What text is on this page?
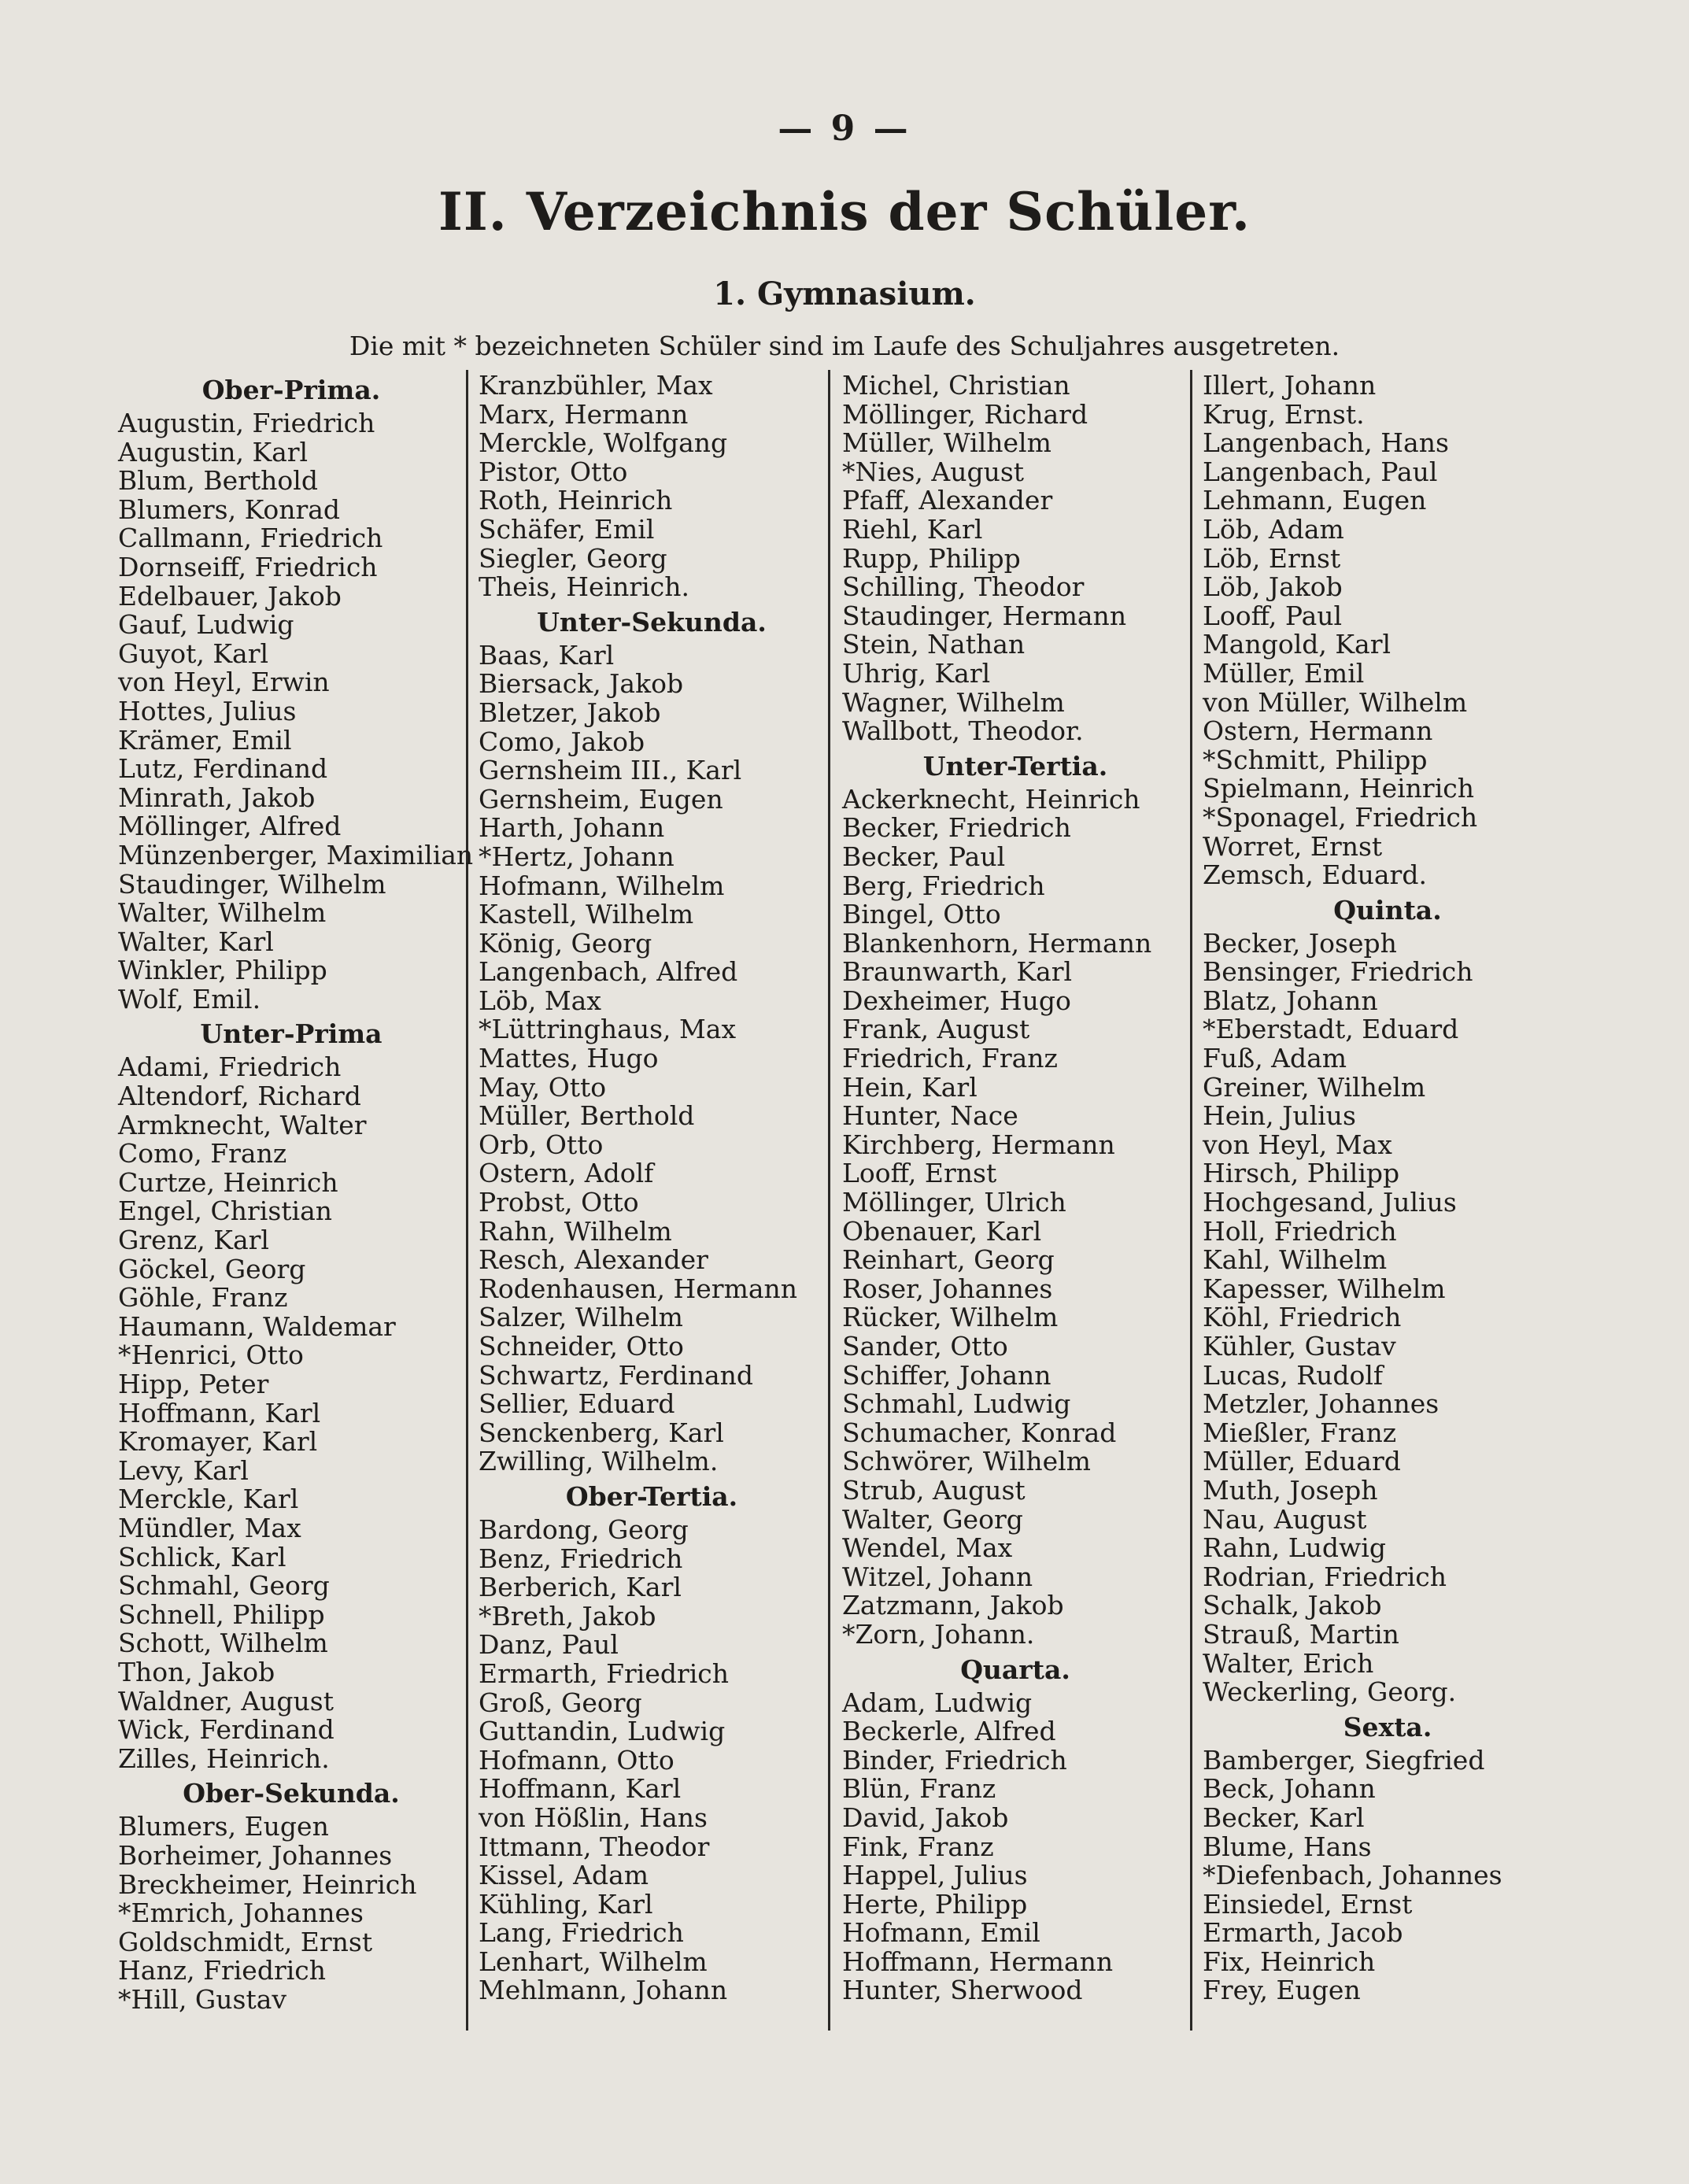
— 9 —
II. Verzeichnis der Schüler.
1. Gymnasium.
Die mit * bezeichneten Schüler sind im Laufe des Schuljahres ausgetreten.
Ober-Prima.
Augustin, Friedrich
Augustin, Karl
Blum, Berthold
Blumers, Konrad
Callmann, Friedrich
Dornseiff, Friedrich
Edelbauer, Jakob
Gauf, Ludwig
Guyot, Karl
von Heyl, Erwin
Hottes, Julius
Krämer, Emil
Lutz, Ferdinand
Minrath, Jakob
Möllinger, Alfred
Münzenberger, Maximilian
Staudinger, Wilhelm
Walter, Wilhelm
Walter, Karl
Winkler, Philipp
Wolf, Emil.
Unter-Prima
Adami, Friedrich
Altendorf, Richard
Armknecht, Walter
Como, Franz
Curtze, Heinrich
Engel, Christian
Grenz, Karl
Göckel, Georg
Göhle, Franz
Haumann, Waldemar
*Henrici, Otto
Hipp, Peter
Hoffmann, Karl
Kromayer, Karl
Levy, Karl
Merckle, Karl
Mündler, Max
Schlick, Karl
Schmahl, Georg
Schnell, Philipp
Schott, Wilhelm
Thon, Jakob
Waldner, August
Wick, Ferdinand
Zilles, Heinrich.
Ober-Sekunda.
Blumers, Eugen
Borheimer, Johannes
Breckheimer, Heinrich
*Emrich, Johannes
Goldschmidt, Ernst
Hanz, Friedrich
*Hill, Gustav
Kranzbühler, Max
Marx, Hermann
Merckle, Wolfgang
Pistor, Otto
Roth, Heinrich
Schäfer, Emil
Siegler, Georg
Theis, Heinrich.
Unter-Sekunda.
Baas, Karl
Biersack, Jakob
Bletzer, Jakob
Como, Jakob
Gernsheim III., Karl
Gernsheim, Eugen
Harth, Johann
*Hertz, Johann
Hofmann, Wilhelm
Kastell, Wilhelm
König, Georg
Langenbach, Alfred
Löb, Max
*Lüttringhaus, Max
Mattes, Hugo
May, Otto
Müller, Berthold
Orb, Otto
Ostern, Adolf
Probst, Otto
Rahn, Wilhelm
Resch, Alexander
Rodenhausen, Hermann
Salzer, Wilhelm
Schneider, Otto
Schwartz, Ferdinand
Sellier, Eduard
Senckenberg, Karl
Zwilling, Wilhelm.
Ober-Tertia.
Bardong, Georg
Benz, Friedrich
Berberich, Karl
*Breth, Jakob
Danz, Paul
Ermarth, Friedrich
Groß, Georg
Guttandin, Ludwig
Hofmann, Otto
Hoffmann, Karl
von Hößlin, Hans
Ittmann, Theodor
Kissel, Adam
Kühling, Karl
Lang, Friedrich
Lenhart, Wilhelm
Mehlmann, Johann
Michel, Christian
Möllinger, Richard
Müller, Wilhelm
*Nies, August
Pfaff, Alexander
Riehl, Karl
Rupp, Philipp
Schilling, Theodor
Staudinger, Hermann
Stein, Nathan
Uhrig, Karl
Wagner, Wilhelm
Wallbott, Theodor.
Unter-Tertia.
Ackerknecht, Heinrich
Becker, Friedrich
Becker, Paul
Berg, Friedrich
Bingel, Otto
Blankenhorn, Hermann
Braunwarth, Karl
Dexheimer, Hugo
Frank, August
Friedrich, Franz
Hein, Karl
Hunter, Nace
Kirchberg, Hermann
Looff, Ernst
Möllinger, Ulrich
Obenauer, Karl
Reinhart, Georg
Roser, Johannes
Rücker, Wilhelm
Sander, Otto
Schiffer, Johann
Schmahl, Ludwig
Schumacher, Konrad
Schwörer, Wilhelm
Strub, August
Walter, Georg
Wendel, Max
Witzel, Johann
Zatzmann, Jakob
*Zorn, Johann.
Quarta.
Adam, Ludwig
Beckerle, Alfred
Binder, Friedrich
Blün, Franz
David, Jakob
Fink, Franz
Happel, Julius
Herte, Philipp
Hofmann, Emil
Hoffmann, Hermann
Hunter, Sherwood
Illert, Johann
Krug, Ernst.
Langenbach, Hans
Langenbach, Paul
Lehmann, Eugen
Löb, Adam
Löb, Ernst
Löb, Jakob
Looff, Paul
Mangold, Karl
Müller, Emil
von Müller, Wilhelm
Ostern, Hermann
*Schmitt, Philipp
Spielmann, Heinrich
*Sponagel, Friedrich
Worret, Ernst
Zemsch, Eduard.
Quinta.
Becker, Joseph
Bensinger, Friedrich
Blatz, Johann
*Eberstadt, Eduard
Fuß, Adam
Greiner, Wilhelm
Hein, Julius
von Heyl, Max
Hirsch, Philipp
Hochgesand, Julius
Holl, Friedrich
Kahl, Wilhelm
Kapesser, Wilhelm
Köhl, Friedrich
Kühler, Gustav
Lucas, Rudolf
Metzler, Johannes
Mießler, Franz
Müller, Eduard
Muth, Joseph
Nau, August
Rahn, Ludwig
Rodrian, Friedrich
Schalk, Jakob
Strauß, Martin
Walter, Erich
Weckerling, Georg.
Sexta.
Bamberger, Siegfried
Beck, Johann
Becker, Karl
Blume, Hans
*Diefenbach, Johannes
Einsiedel, Ernst
Ermarth, Jacob
Fix, Heinrich
Frey, Eugen
